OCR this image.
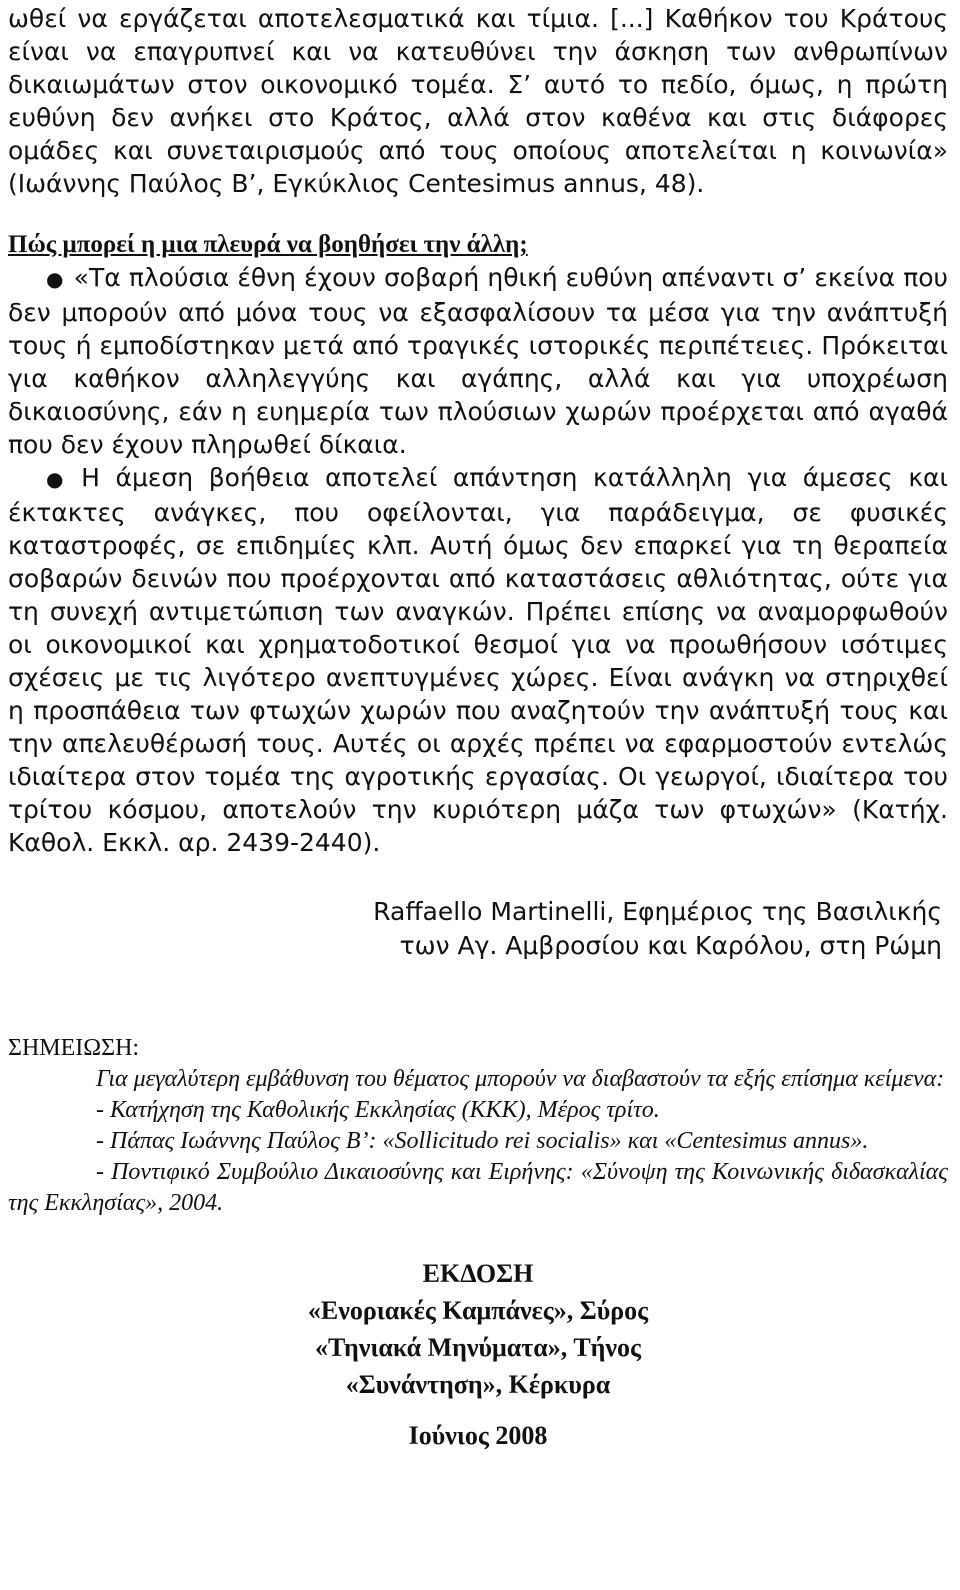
ωθεί να εργάζεται αποτελεσματικά και τίμια. [...] Καθήκον του Κράτους είναι να επαγρυπνεί και να κατευθύνει την άσκηση των ανθρωπίνων δικαιωμάτων στον οικονομικό τομέα. Σ’ αυτό το πεδίο, όμως, η πρώτη ευθύνη δεν ανήκει στο Κράτος, αλλά στον καθένα και στις διάφορες ομάδες και συνεταιρισμούς από τους οποίους αποτελείται η κοινωνία» (Ιωάννης Παύλος Β’, Εγκύκλιος Centesimus annus, 48).

Πώς μπορεί η μια πλευρά να βοηθήσει την άλλη;

● «Τα πλούσια έθνη έχουν σοβαρή ηθική ευθύνη απέναντι σ’ εκείνα που δεν μπορούν από μόνα τους να εξασφαλίσουν τα μέσα για την ανάπτυξή τους ή εμποδίστηκαν μετά από τραγικές ιστορικές περιπέτειες. Πρόκειται για καθήκον αλληλεγγύης και αγάπης, αλλά και για υποχρέωση δικαιοσύνης, εάν η ευημερία των πλούσιων χωρών προέρχεται από αγαθά που δεν έχουν πληρωθεί δίκαια.

● Η άμεση βοήθεια αποτελεί απάντηση κατάλληλη για άμεσες και έκτακτες ανάγκες, που οφείλονται, για παράδειγμα, σε φυσικές καταστροφές, σε επιδημίες κλπ. Αυτή όμως δεν επαρκεί για τη θεραπεία σοβαρών δεινών που προέρχονται από καταστάσεις αθλιότητας, ούτε για τη συνεχή αντιμετώπιση των αναγκών. Πρέπει επίσης να αναμορφωθούν οι οικονομικοί και χρηματοδοτικοί θεσμοί για να προωθήσουν ισότιμες σχέσεις με τις λιγότερο ανεπτυγμένες χώρες. Είναι ανάγκη να στηριχθεί η προσπάθεια των φτωχών χωρών που αναζητούν την ανάπτυξή τους και την απελευθέρωσή τους. Αυτές οι αρχές πρέπει να εφαρμοστούν εντελώς ιδιαίτερα στον τομέα της αγροτικής εργασίας. Οι γεωργοί, ιδιαίτερα του τρίτου κόσμου, αποτελούν την κυριότερη μάζα των φτωχών» (Κατήχ. Καθολ. Εκκλ. αρ. 2439-2440).

Raffaello Martinelli, Εφημέριος της Βασιλικής
των Αγ. Αμβροσίου και Καρόλου, στη Ρώμη
ΣΗΜΕΙΩΣΗ:

Για μεγαλύτερη εμβάθυνση του θέματος μπορούν να διαβαστούν τα εξής επίσημα κείμενα:

- Κατήχηση της Καθολικής Εκκλησίας (ΚΚΚ), Μέρος τρίτο.

- Πάπας Ιωάννης Παύλος Β’: «Sollicitudo rei socialis» και «Centesimus annus».

- Ποντιφικό Συμβούλιο Δικαιοσύνης και Ειρήνης: «Σύνοψη της Κοινωνικής διδασκαλίας της Εκκλησίας», 2004.

ΕΚΔΟΣΗ
«Ενοριακές Καμπάνες», Σύρος
«Τηνιακά Μηνύματα», Τήνος
«Συνάντηση», Κέρκυρα
Ιούνιος 2008
